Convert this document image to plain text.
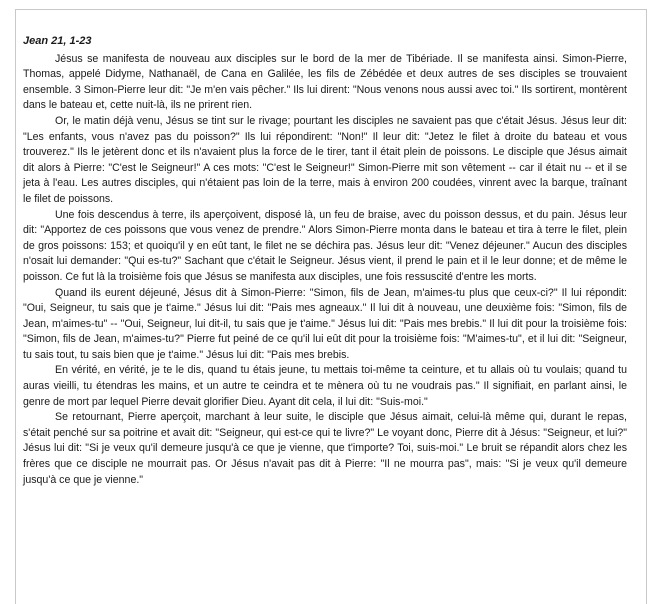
Jean 21, 1-23

Jésus se manifesta de nouveau aux disciples sur le bord de la mer de Tibériade. Il se manifesta ainsi. Simon-Pierre, Thomas, appelé Didyme, Nathanaël, de Cana en Galilée, les fils de Zébédée et deux autres de ses disciples se trouvaient ensemble. 3 Simon-Pierre leur dit: "Je m'en vais pêcher." Ils lui dirent: "Nous venons nous aussi avec toi." Ils sortirent, montèrent dans le bateau et, cette nuit-là, ils ne prirent rien.

Or, le matin déjà venu, Jésus se tint sur le rivage; pourtant les disciples ne savaient pas que c'était Jésus. Jésus leur dit: "Les enfants, vous n'avez pas du poisson?" Ils lui répondirent: "Non!" Il leur dit: "Jetez le filet à droite du bateau et vous trouverez." Ils le jetèrent donc et ils n'avaient plus la force de le tirer, tant il était plein de poissons. Le disciple que Jésus aimait dit alors à Pierre: "C'est le Seigneur!" A ces mots: "C'est le Seigneur!" Simon-Pierre mit son vêtement -- car il était nu -- et il se jeta à l'eau. Les autres disciples, qui n'étaient pas loin de la terre, mais à environ 200 coudées, vinrent avec la barque, traînant le filet de poissons.

Une fois descendus à terre, ils aperçoivent, disposé là, un feu de braise, avec du poisson dessus, et du pain. Jésus leur dit: "Apportez de ces poissons que vous venez de prendre." Alors Simon-Pierre monta dans le bateau et tira à terre le filet, plein de gros poissons: 153; et quoiqu'il y en eût tant, le filet ne se déchira pas. Jésus leur dit: "Venez déjeuner." Aucun des disciples n'osait lui demander: "Qui es-tu?" Sachant que c'était le Seigneur. Jésus vient, il prend le pain et il le leur donne; et de même le poisson. Ce fut là la troisième fois que Jésus se manifesta aux disciples, une fois ressuscité d'entre les morts.

Quand ils eurent déjeuné, Jésus dit à Simon-Pierre: "Simon, fils de Jean, m'aimes-tu plus que ceux-ci?" Il lui répondit: "Oui, Seigneur, tu sais que je t'aime." Jésus lui dit: "Pais mes agneaux." Il lui dit à nouveau, une deuxième fois: "Simon, fils de Jean, m'aimes-tu" -- "Oui, Seigneur, lui dit-il, tu sais que je t'aime." Jésus lui dit: "Pais mes brebis." Il lui dit pour la troisième fois: "Simon, fils de Jean, m'aimes-tu?" Pierre fut peiné de ce qu'il lui eût dit pour la troisième fois: "M'aimes-tu", et il lui dit: "Seigneur, tu sais tout, tu sais bien que je t'aime." Jésus lui dit: "Pais mes brebis.

En vérité, en vérité, je te le dis, quand tu étais jeune, tu mettais toi-même ta ceinture, et tu allais où tu voulais; quand tu auras vieilli, tu étendras les mains, et un autre te ceindra et te mènera où tu ne voudrais pas." Il signifiait, en parlant ainsi, le genre de mort par lequel Pierre devait glorifier Dieu. Ayant dit cela, il lui dit: "Suis-moi."

Se retournant, Pierre aperçoit, marchant à leur suite, le disciple que Jésus aimait, celui-là même qui, durant le repas, s'était penché sur sa poitrine et avait dit: "Seigneur, qui est-ce qui te livre?" Le voyant donc, Pierre dit à Jésus: "Seigneur, et lui?" Jésus lui dit: "Si je veux qu'il demeure jusqu'à ce que je vienne, que t'importe? Toi, suis-moi." Le bruit se répandit alors chez les frères que ce disciple ne mourrait pas. Or Jésus n'avait pas dit à Pierre: "Il ne mourra pas", mais: "Si je veux qu'il demeure jusqu'à ce que je vienne."
